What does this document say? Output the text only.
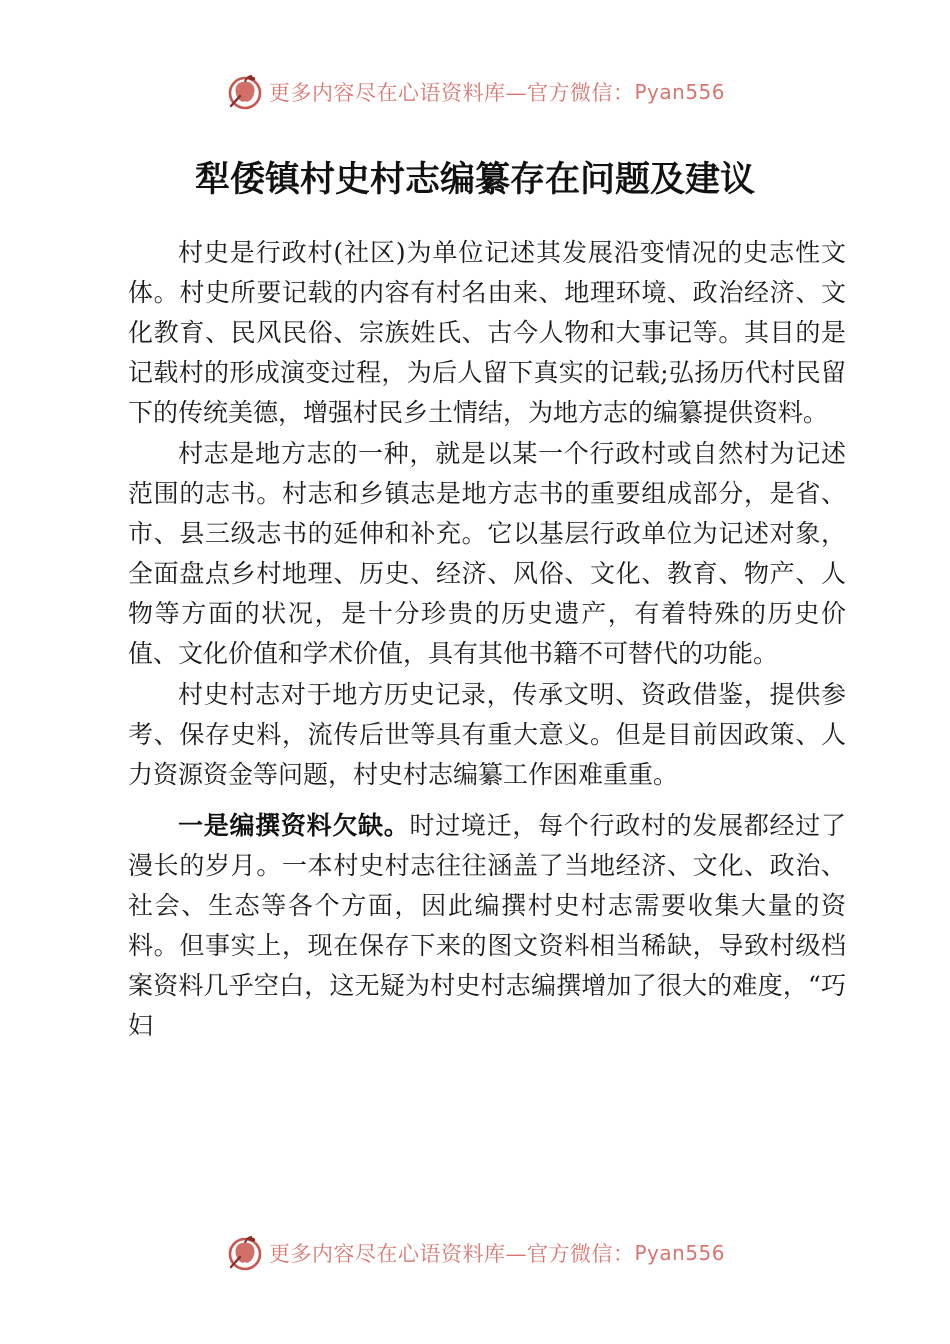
更多内容尽在心语资料库—官方微信： Pyan556
犁倭镇村史村志编纂存在问题及建议

村史是行政村(社区)为单位记述其发展沿变情况的史志性文体。村史所要记载的内容有村名由来、地理环境、政治经济、文化教育、民风民俗、宗族姓氏、古今人物和大事记等。其目的是记载村的形成演变过程，为后人留下真实的记载;弘扬历代村民留下的传统美德，增强村民乡土情结，为地方志的编纂提供资料。

村志是地方志的一种，就是以某一个行政村或自然村为记述范围的志书。村志和乡镇志是地方志书的重要组成部分，是省、市、县三级志书的延伸和补充。它以基层行政单位为记述对象，全面盘点乡村地理、历史、经济、风俗、文化、教育、物产、人物等方面的状况，是十分珍贵的历史遗产，有着特殊的历史价值、文化价值和学术价值，具有其他书籍不可替代的功能。

村史村志对于地方历史记录，传承文明、资政借鉴，提供参考、保存史料，流传后世等具有重大意义。但是目前因政策、人力资源资金等问题，村史村志编纂工作困难重重。

一是编撰资料欠缺。时过境迁，每个行政村的发展都经过了漫长的岁月。一本村史村志往往涵盖了当地经济、文化、政治、社会、生态等各个方面，因此编撰村史村志需要收集大量的资料。但事实上，现在保存下来的图文资料相当稀缺，导致村级档案资料几乎空白，这无疑为村史村志编撰增加了很大的难度，“巧妇

更多内容尽在心语资料库—官方微信： Pyan556
